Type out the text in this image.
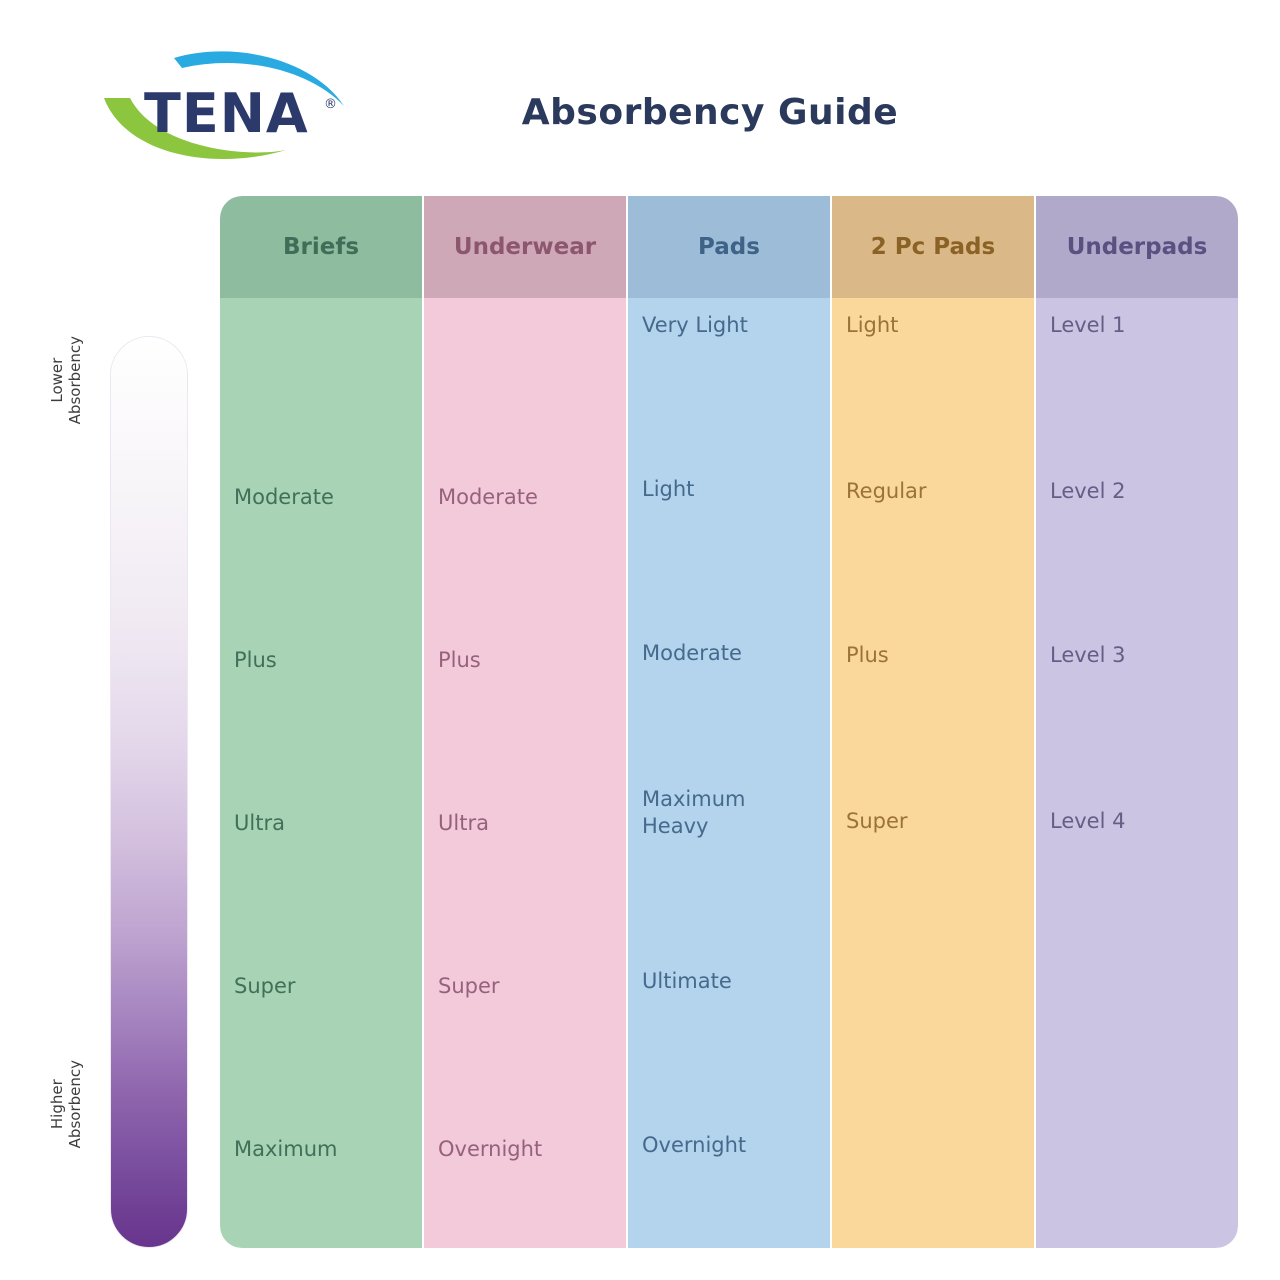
TENA ®	Absorbency Guide
Lower Absorbency
Higher Absorbency
Briefs
Moderate
Plus
Ultra
Super
Maximum
Underwear
Moderate
Plus
Ultra
Super
Overnight
Pads
Very Light
Light
Moderate
Maximum
Heavy
Ultimate
Overnight
2 Pc Pads
Light
Regular
Plus
Super
Underpads
Level 1
Level 2
Level 3
Level 4
